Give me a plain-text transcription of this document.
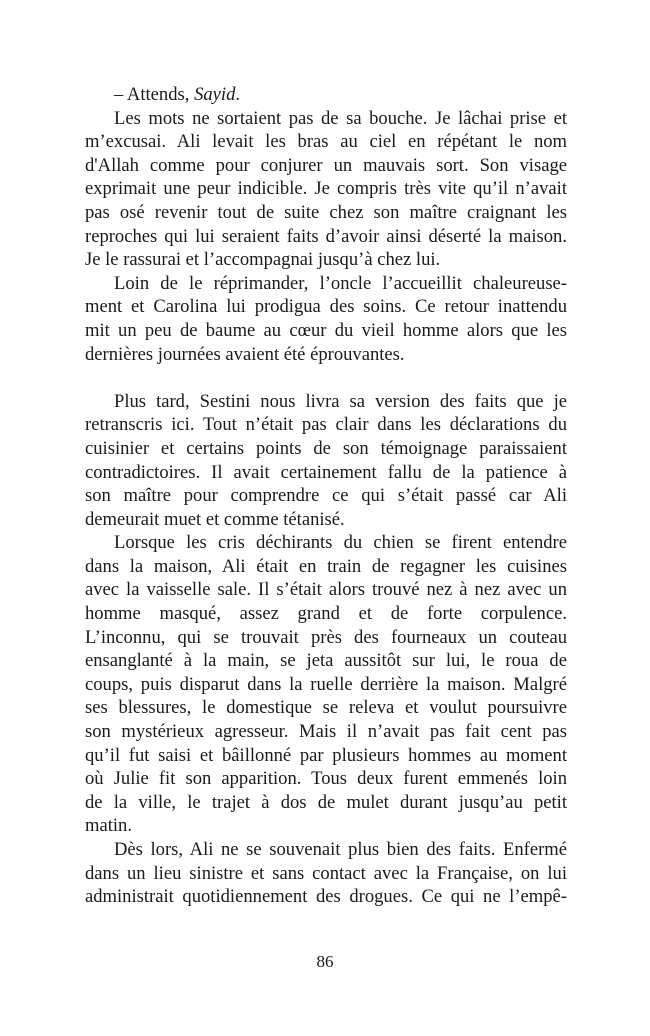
– Attends, Sayid.

Les mots ne sortaient pas de sa bouche. Je lâchai prise et
m’excusai. Ali levait les bras au ciel en répétant le nom
d'Allah comme pour conjurer un mauvais sort. Son visage
exprimait une peur indicible. Je compris très vite qu’il n’avait
pas osé revenir tout de suite chez son maître craignant les
reproches qui lui seraient faits d’avoir ainsi déserté la maison.
Je le rassurai et l’accompagnai jusqu’à chez lui.

Loin de le réprimander, l’oncle l’accueillit chaleureuse-
ment et Carolina lui prodigua des soins. Ce retour inattendu
mit un peu de baume au cœur du vieil homme alors que les
dernières journées avaient été éprouvantes.

Plus tard, Sestini nous livra sa version des faits que je
retranscris ici. Tout n’était pas clair dans les déclarations du
cuisinier et certains points de son témoignage paraissaient
contradictoires. Il avait certainement fallu de la patience à
son maître pour comprendre ce qui s’était passé car Ali
demeurait muet et comme tétanisé.

Lorsque les cris déchirants du chien se firent entendre
dans la maison, Ali était en train de regagner les cuisines
avec la vaisselle sale. Il s’était alors trouvé nez à nez avec un
homme masqué, assez grand et de forte corpulence.
L’inconnu, qui se trouvait près des fourneaux un couteau
ensanglanté à la main, se jeta aussitôt sur lui, le roua de
coups, puis disparut dans la ruelle derrière la maison. Malgré
ses blessures, le domestique se releva et voulut poursuivre
son mystérieux agresseur. Mais il n’avait pas fait cent pas
qu’il fut saisi et bâillonné par plusieurs hommes au moment
où Julie fit son apparition. Tous deux furent emmenés loin
de la ville, le trajet à dos de mulet durant jusqu’au petit
matin.

Dès lors, Ali ne se souvenait plus bien des faits. Enfermé
dans un lieu sinistre et sans contact avec la Française, on lui
administrait quotidiennement des drogues. Ce qui ne l’empê-

86
